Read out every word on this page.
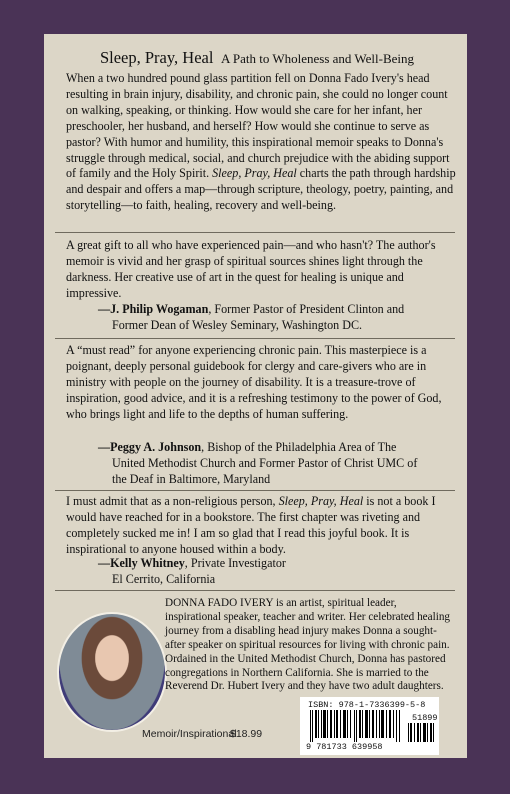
Sleep, Pray, Heal A Path to Wholeness and Well-Being
When a two hundred pound glass partition fell on Donna Fado Ivery's head resulting in brain injury, disability, and chronic pain, she could no longer count on walking, speaking, or thinking. How would she care for her infant, her preschooler, her husband, and herself? How would she continue to serve as pastor? With humor and humility, this inspirational memoir speaks to Donna's struggle through medical, social, and church prejudice with the abiding support of family and the Holy Spirit. Sleep, Pray, Heal charts the path through hardship and despair and offers a map—through scripture, theology, poetry, painting, and storytelling—to faith, healing, recovery and well-being.
A great gift to all who have experienced pain—and who hasn't? The author's memoir is vivid and her grasp of spiritual sources shines light through the darkness. Her creative use of art in the quest for healing is unique and impressive.
—J. Philip Wogaman, Former Pastor of President Clinton and
Former Dean of Wesley Seminary, Washington DC.
A “must read” for anyone experiencing chronic pain. This masterpiece is a poignant, deeply personal guidebook for clergy and care-givers who are in ministry with people on the journey of disability. It is a treasure-trove of inspiration, good advice, and it is a refreshing testimony to the power of God, who brings light and life to the depths of human suffering.
—Peggy A. Johnson, Bishop of the Philadelphia Area of The
United Methodist Church and Former Pastor of Christ UMC of the Deaf in Baltimore, Maryland
I must admit that as a non-religious person, Sleep, Pray, Heal is not a book I would have reached for in a bookstore. The first chapter was riveting and completely sucked me in! I am so glad that I read this joyful book. It is inspirational to anyone housed within a body.
—Kelly Whitney, Private Investigator
El Cerrito, California
DONNA FADO IVERY is an artist, spiritual leader, inspirational speaker, teacher and writer. Her celebrated healing journey from a disabling head injury makes Donna a sought-after speaker on spiritual resources for living with chronic pain. Ordained in the United Methodist Church, Donna has pastored congregations in Northern California. She is married to the Reverend Dr. Hubert Ivery and they have two adult daughters.
Memoir/Inspirational
$18.99
ISBN: 978-1-7336399-5-8
51899
9 781733 639958
